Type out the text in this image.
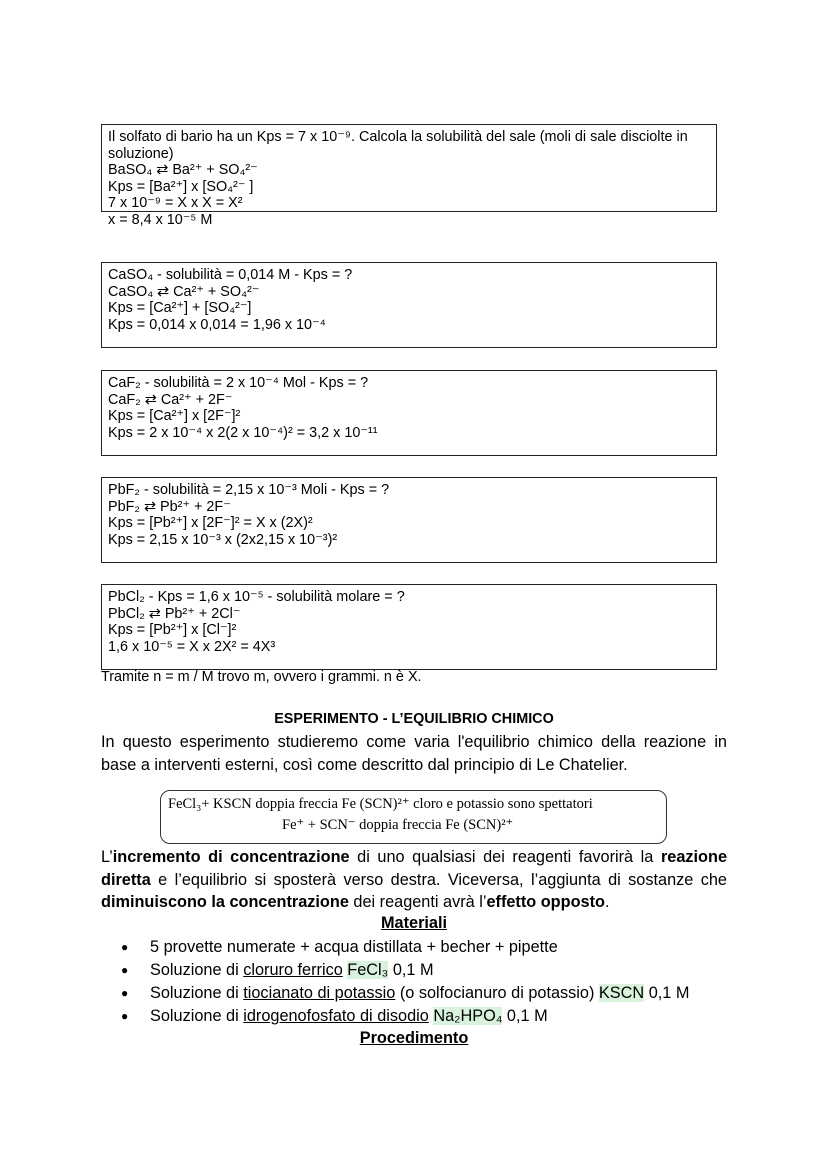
Il solfato di bario ha un Kps = 7 x 10⁻⁹. Calcola la solubilità del sale (moli di sale disciolte in soluzione)
BaSO₄ ⇄ Ba²⁺ + SO₄²⁻
Kps = [Ba²⁺] x [SO₄²⁻ ]
7 x 10⁻⁹ = X x X = X²
x = 8,4 x 10⁻⁵ M
CaSO₄ - solubilità = 0,014 M - Kps = ?
CaSO₄ ⇄ Ca²⁺ + SO₄²⁻
Kps = [Ca²⁺] + [SO₄²⁻]
Kps = 0,014 x 0,014 = 1,96 x 10⁻⁴
CaF₂ - solubilità = 2 x 10⁻⁴ Mol - Kps = ?
CaF₂ ⇄ Ca²⁺ + 2F⁻
Kps = [Ca²⁺] x [2F⁻]²
Kps = 2 x 10⁻⁴ x 2(2 x 10⁻⁴)² = 3,2 x 10⁻¹¹
PbF₂ - solubilità = 2,15 x 10⁻³ Moli - Kps = ?
PbF₂ ⇄ Pb²⁺ + 2F⁻
Kps = [Pb²⁺] x [2F⁻]² = X x (2X)²
Kps = 2,15 x 10⁻³ x (2x2,15 x 10⁻³)²
PbCl₂ - Kps = 1,6 x 10⁻⁵ - solubilità molare = ?
PbCl₂ ⇄ Pb²⁺ + 2Cl⁻
Kps = [Pb²⁺] x [Cl⁻]²
1,6 x 10⁻⁵ = X x 2X² = 4X³
Tramite n = m / M trovo m, ovvero i grammi. n è X.
ESPERIMENTO - L’EQUILIBRIO CHIMICO
In questo esperimento studieremo come varia l'equilibrio chimico della reazione in base a interventi esterni, così come descritto dal principio di Le Chatelier.
FeCl₃+ KSCN doppia freccia Fe (SCN)²⁺ cloro e potassio sono spettatori
Fe⁺ + SCN⁻ doppia freccia Fe (SCN)²⁺
L’incremento di concentrazione di uno qualsiasi dei reagenti favorirà la reazione diretta e l’equilibrio si sposterà verso destra. Viceversa, l’aggiunta di sostanze che diminuiscono la concentrazione dei reagenti avrà l’effetto opposto.
Materiali
● 5 provette numerate + acqua distillata + becher + pipette
● Soluzione di cloruro ferrico FeCl₃ 0,1 M
● Soluzione di tiocianato di potassio (o solfocianuro di potassio) KSCN 0,1 M
● Soluzione di idrogenofosfato di disodio Na₂HPO₄ 0,1 M
Procedimento
